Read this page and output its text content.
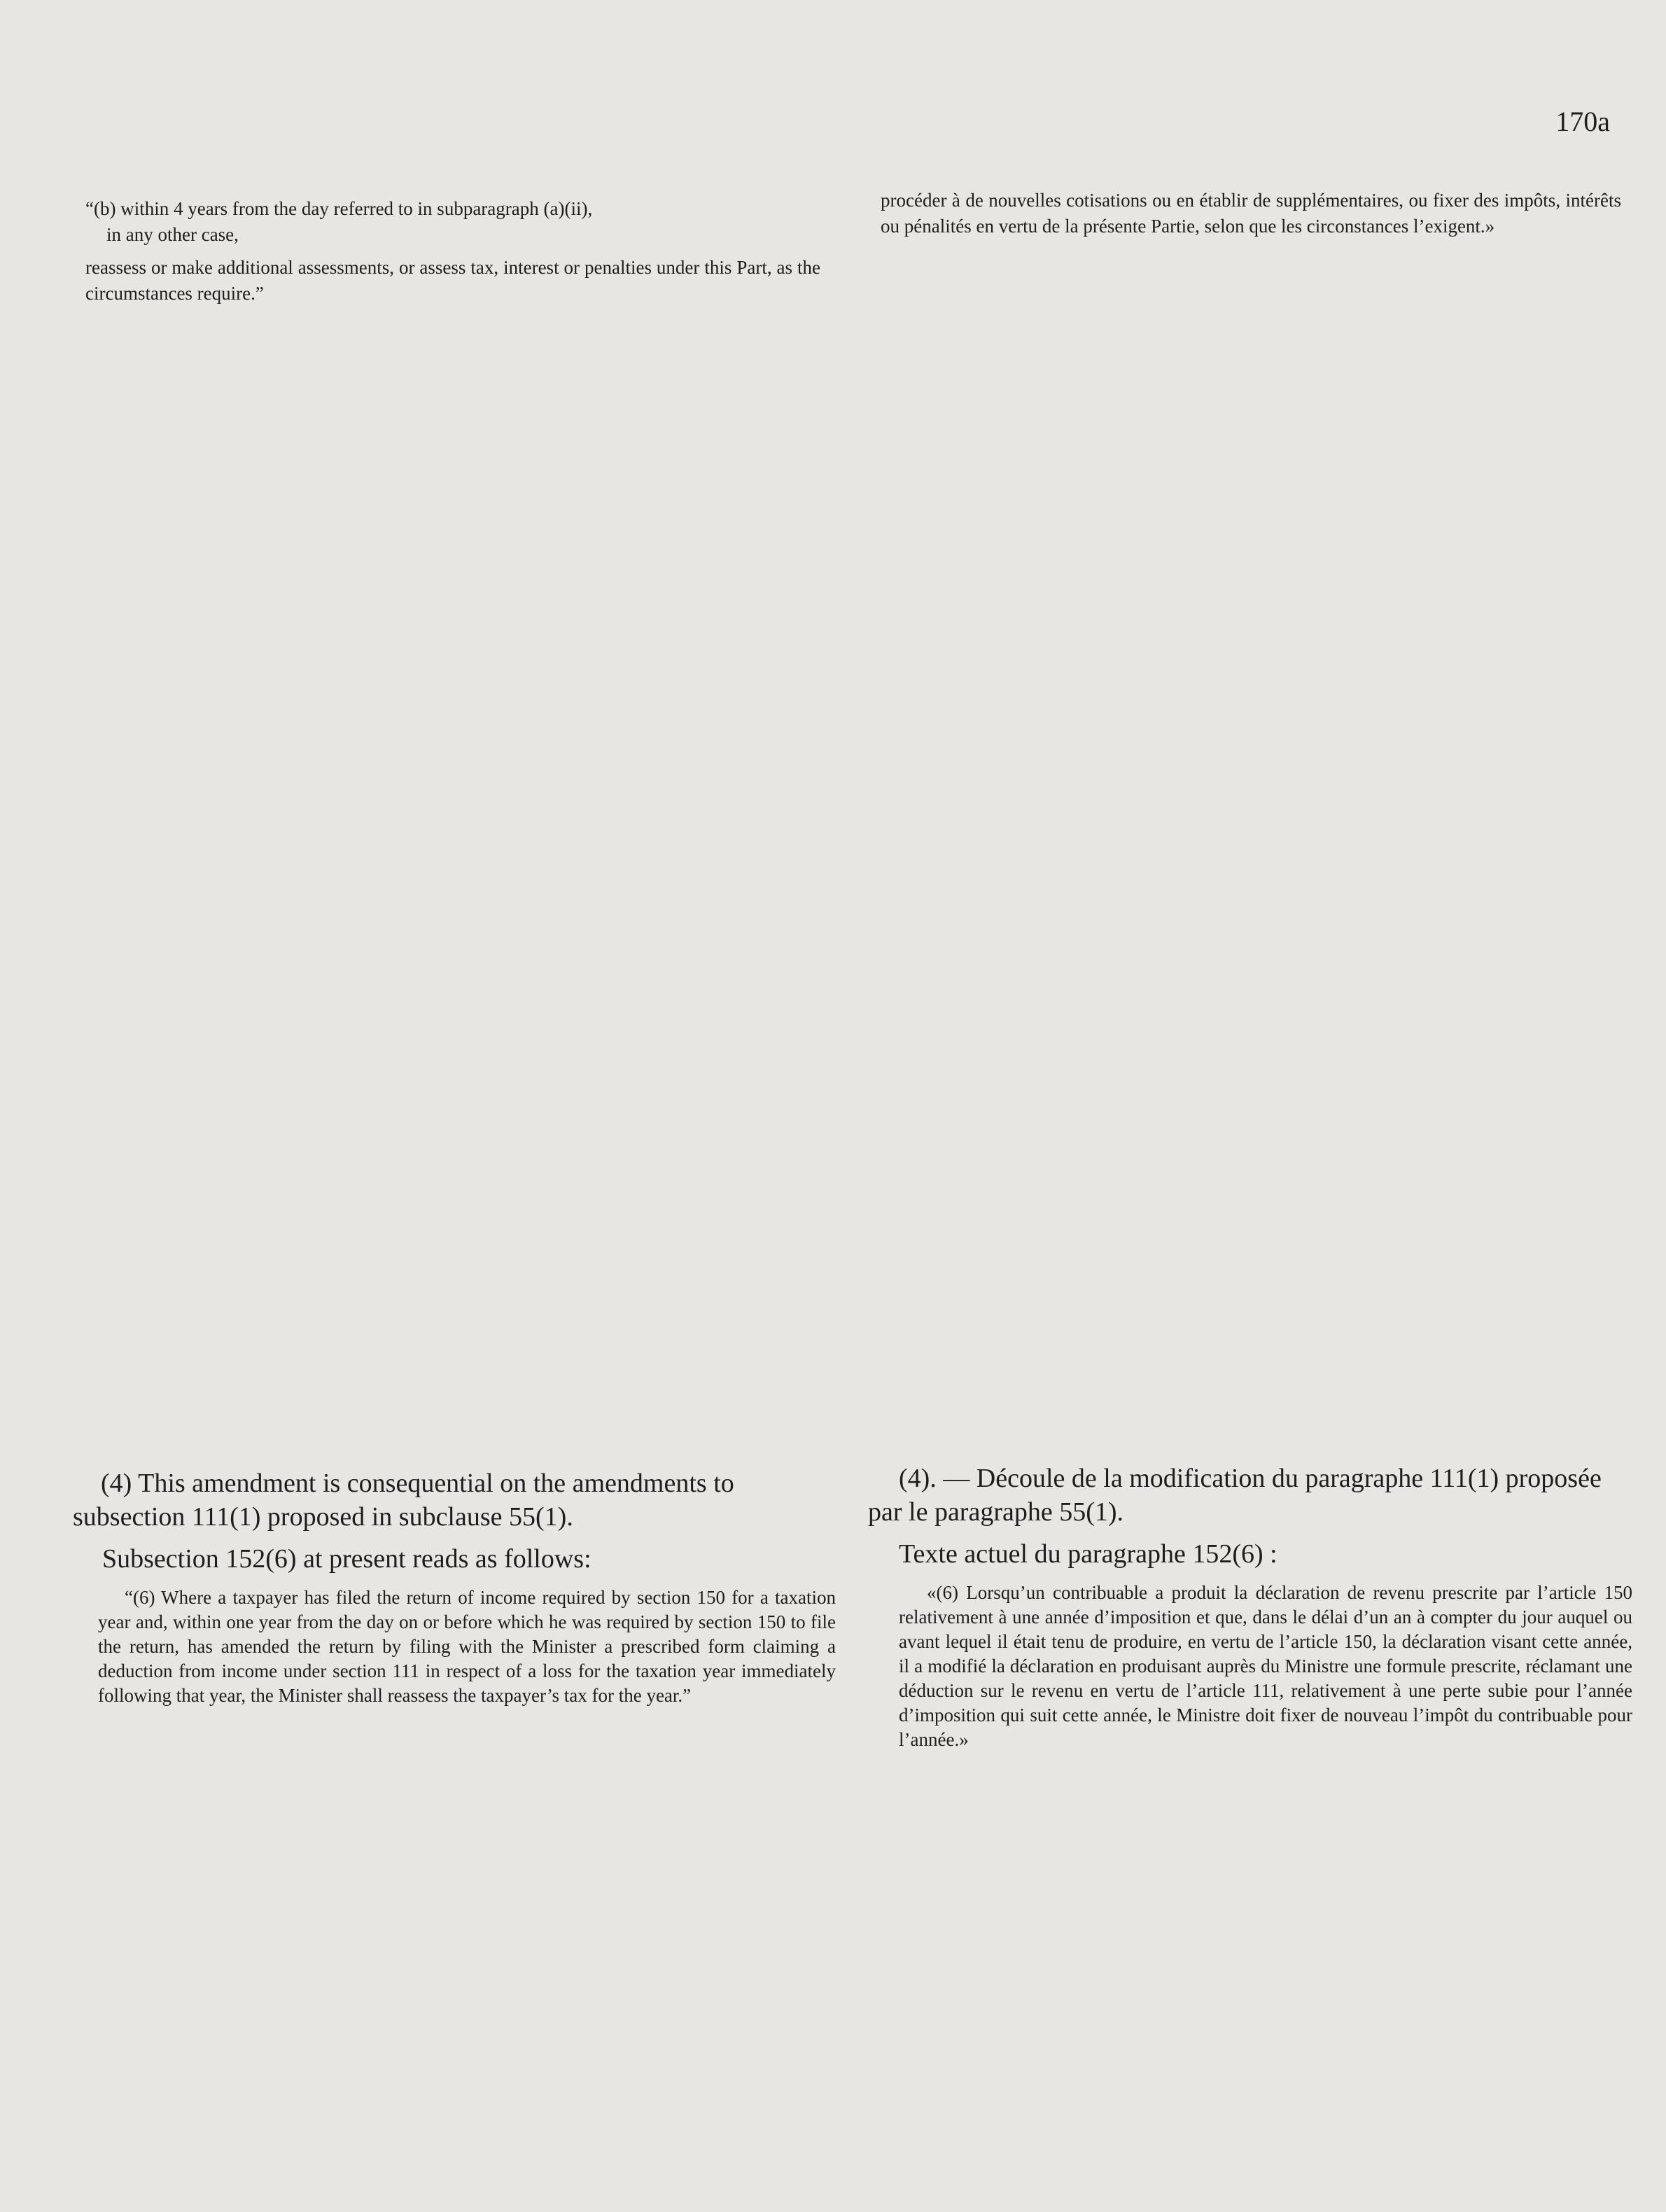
170a

“(b) within 4 years from the day referred to in subparagraph (a)(ii),

in any other case,

reassess or make additional assessments, or assess tax, interest or penalties under this Part, as the circumstances require.”

procéder à de nouvelles cotisations ou en établir de supplémentaires, ou fixer des impôts, intérêts ou pénalités en vertu de la présente Partie, selon que les circonstances l’exigent.»

(4) This amendment is consequential on the amendments to subsection 111(1) proposed in subclause 55(1).

Subsection 152(6) at present reads as follows:

“(6) Where a taxpayer has filed the return of income required by section 150 for a taxation year and, within one year from the day on or before which he was required by section 150 to file the return, has amended the return by filing with the Minister a prescribed form claiming a deduction from income under section 111 in respect of a loss for the taxation year immediately following that year, the Minister shall reassess the taxpayer’s tax for the year.”

(4). — Découle de la modification du paragraphe 111(1) proposée par le paragraphe 55(1).

Texte actuel du paragraphe 152(6) :

«(6) Lorsqu’un contribuable a produit la déclaration de revenu prescrite par l’article 150 relativement à une année d’imposition et que, dans le délai d’un an à compter du jour auquel ou avant lequel il était tenu de produire, en vertu de l’article 150, la déclaration visant cette année, il a modifié la déclaration en produisant auprès du Ministre une formule prescrite, réclamant une déduction sur le revenu en vertu de l’article 111, relativement à une perte subie pour l’année d’imposition qui suit cette année, le Ministre doit fixer de nouveau l’impôt du contribuable pour l’année.»
